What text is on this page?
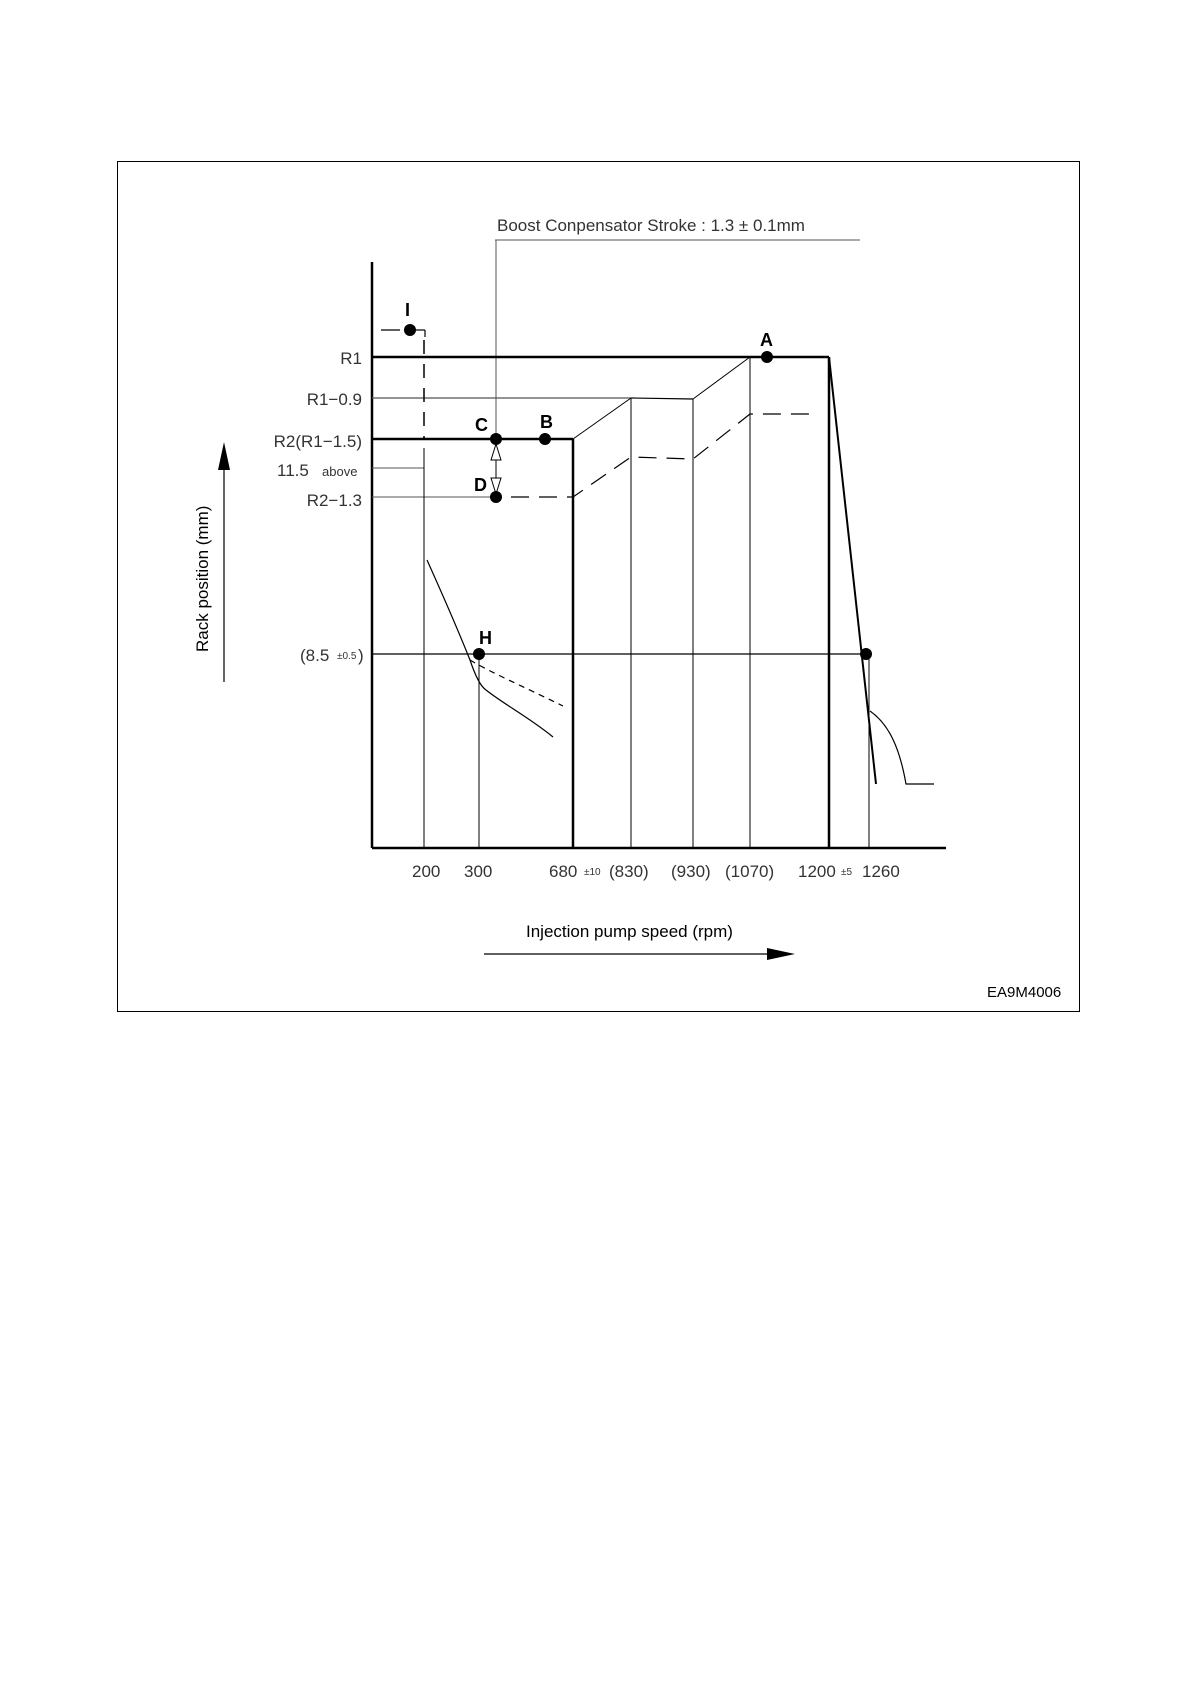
Boost Conpensator Stroke : 1.3 ± 0.1mm
Rack position (mm)
Injection pump speed (rpm)
R1
R1−0.9
R2(R1−1.5)
11.5 above
R2−1.3
(8.5 ±0.5 )
200 300	680 ±10 (830) (930) (1070) 1200 ±5 1260
I
A
C	B
D
H
EA9M4006
